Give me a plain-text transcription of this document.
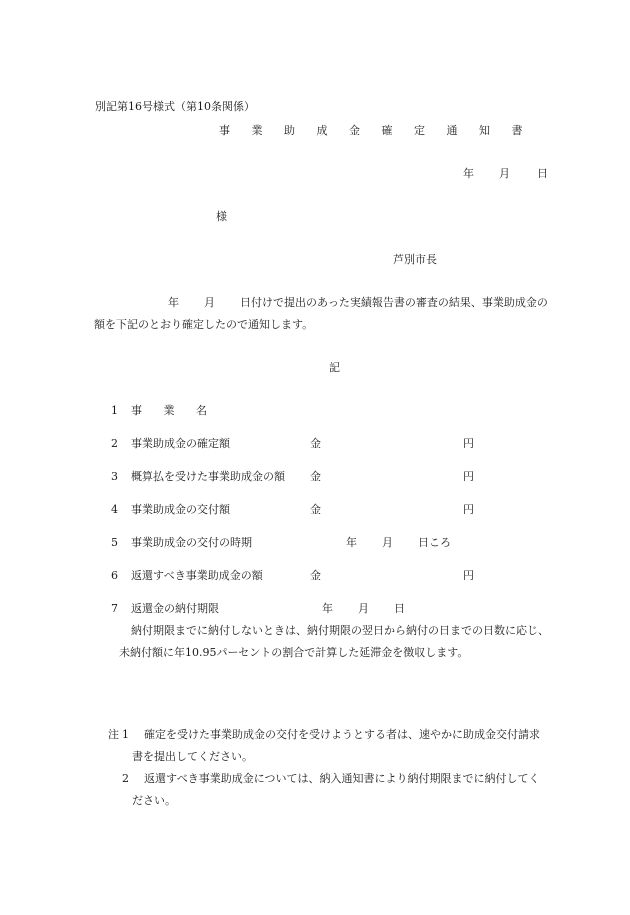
別記第16号様式（第10条関係）
事 業 助 成 金 確 定 通 知 書
年 月 日
様
芦別市長
年 月 日付けで提出のあった実績報告書の審査の結果、事業助成金の
額を下記のとおり確定したので通知します。
記
1 事 業 名
2 事業助成金の確定額	金	円
3 概算払を受けた事業助成金の額 金	円
4 事業助成金の交付額	金	円
5 事業助成金の交付の時期	年 月 日ころ
6 返還すべき事業助成金の額	金	円
7 返還金の納付期限	年 月 日
納付期限までに納付しないときは、納付期限の翌日から納付の日までの日数に応じ、
未納付額に年10.95パーセントの割合で計算した延滞金を徴収します。
注 1 確定を受けた事業助成金の交付を受けようとする者は、速やかに助成金交付請求
書を提出してください。
2 返還すべき事業助成金については、納入通知書により納付期限までに納付してく
ださい。
